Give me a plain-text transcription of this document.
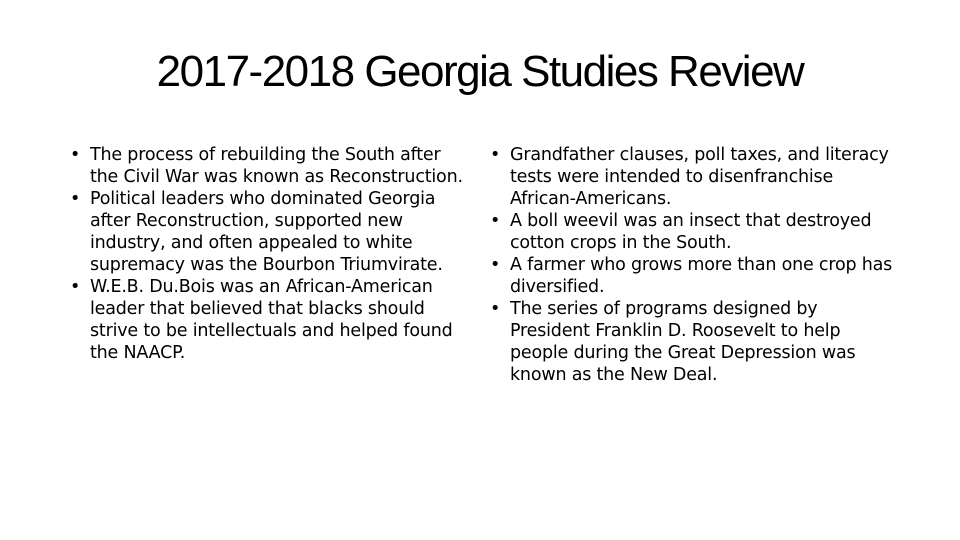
2017-2018 Georgia Studies Review
• The process of rebuilding the South after the Civil War was known as Reconstruction.
• Political leaders who dominated Georgia after Reconstruction, supported new industry, and often appealed to white supremacy was the Bourbon Triumvirate.
• W.E.B. Du.Bois was an African-American leader that believed that blacks should strive to be intellectuals and helped found the NAACP.
• Grandfather clauses, poll taxes, and literacy tests were intended to disenfranchise African-Americans.
• A boll weevil was an insect that destroyed cotton crops in the South.
• A farmer who grows more than one crop has diversified.
• The series of programs designed by President Franklin D. Roosevelt to help people during the Great Depression was known as the New Deal.
